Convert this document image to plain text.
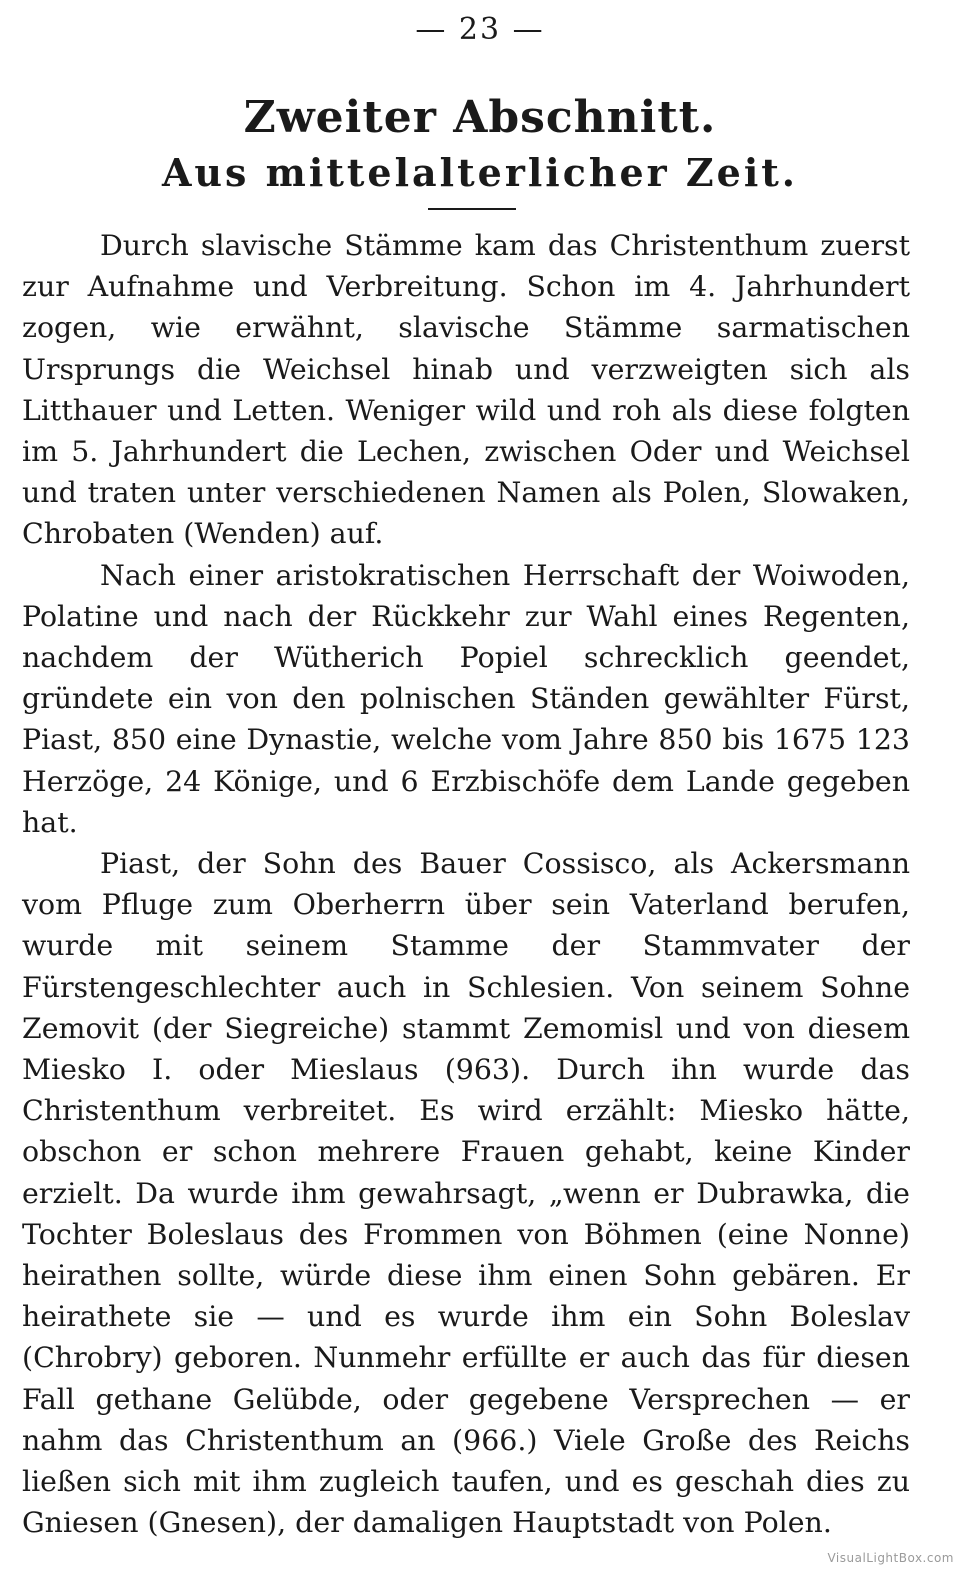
— 23 —
Zweiter Abschnitt.
Aus mittelalterlicher Zeit.

Durch slavische Stämme kam das Christenthum zuerst zur Aufnahme und Verbreitung. Schon im 4. Jahrhundert zogen, wie erwähnt, slavische Stämme sarmatischen Ursprungs die Weichsel hinab und verzweigten sich als Litthauer und Letten. Weniger wild und roh als diese folgten im 5. Jahrhundert die Lechen, zwischen Oder und Weichsel und traten unter verschiedenen Namen als Polen, Slowaken, Chrobaten (Wenden) auf.

Nach einer aristokratischen Herrschaft der Woiwoden, Polatine und nach der Rückkehr zur Wahl eines Regenten, nachdem der Wütherich Popiel schrecklich geendet, gründete ein von den polnischen Ständen gewählter Fürst, Piast, 850 eine Dynastie, welche vom Jahre 850 bis 1675 123 Herzöge, 24 Könige, und 6 Erzbischöfe dem Lande gegeben hat.

Piast, der Sohn des Bauer Cossisco, als Ackersmann vom Pfluge zum Oberherrn über sein Vaterland berufen, wurde mit seinem Stamme der Stammvater der Fürstengeschlechter auch in Schlesien. Von seinem Sohne Zemovit (der Siegreiche) stammt Zemomisl und von diesem Miesko I. oder Mieslaus (963). Durch ihn wurde das Christenthum verbreitet. Es wird erzählt: Miesko hätte, obschon er schon mehrere Frauen gehabt, keine Kinder erzielt. Da wurde ihm gewahrsagt, „wenn er Dubrawka, die Tochter Boleslaus des Frommen von Böhmen (eine Nonne) heirathen sollte, würde diese ihm einen Sohn gebären. Er heirathete sie — und es wurde ihm ein Sohn Boleslav (Chrobry) geboren. Nunmehr erfüllte er auch das für diesen Fall gethane Gelübde, oder gegebene Versprechen — er nahm das Christenthum an (966.) Viele Große des Reichs ließen sich mit ihm zugleich taufen, und es geschah dies zu Gniesen (Gnesen), der damaligen Hauptstadt von Polen.

VisualLightBox.com
